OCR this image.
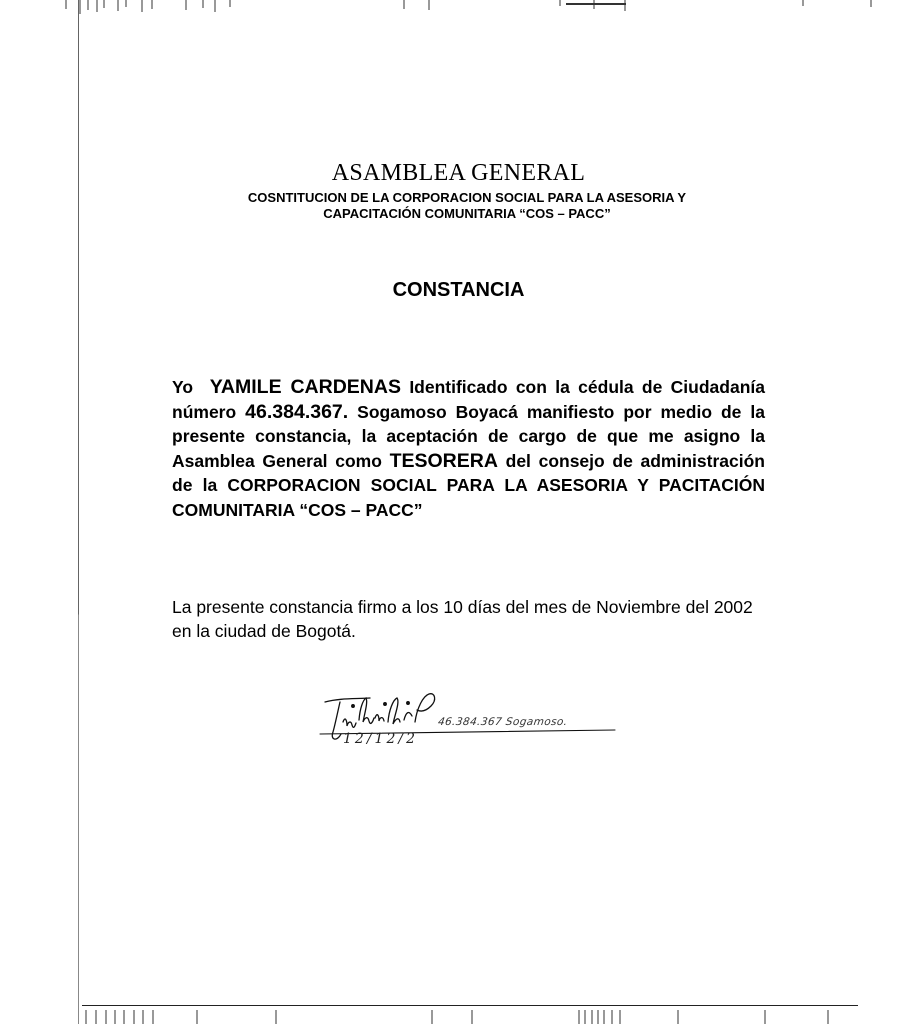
ASAMBLEA GENERAL
COSNTITUCION DE LA CORPORACION SOCIAL PARA LA ASESORIA Y
CAPACITACIÓN COMUNITARIA “COS – PACC”
CONSTANCIA

Yo YAMILE CARDENAS Identificado con la cédula de Ciudadanía número 46.384.367. Sogamoso Boyacá manifiesto por medio de la presente constancia, la aceptación de cargo de que me asigno la Asamblea General como TESORERA del consejo de administración de la CORPORACION SOCIAL PARA LA ASESORIA Y PACITACIÓN COMUNITARIA “COS – PACC”

La presente constancia firmo a los 10 días del mes de Noviembre del 2002 en la ciudad de Bogotá.

46.384.367 Sogamoso.
12/12/2
